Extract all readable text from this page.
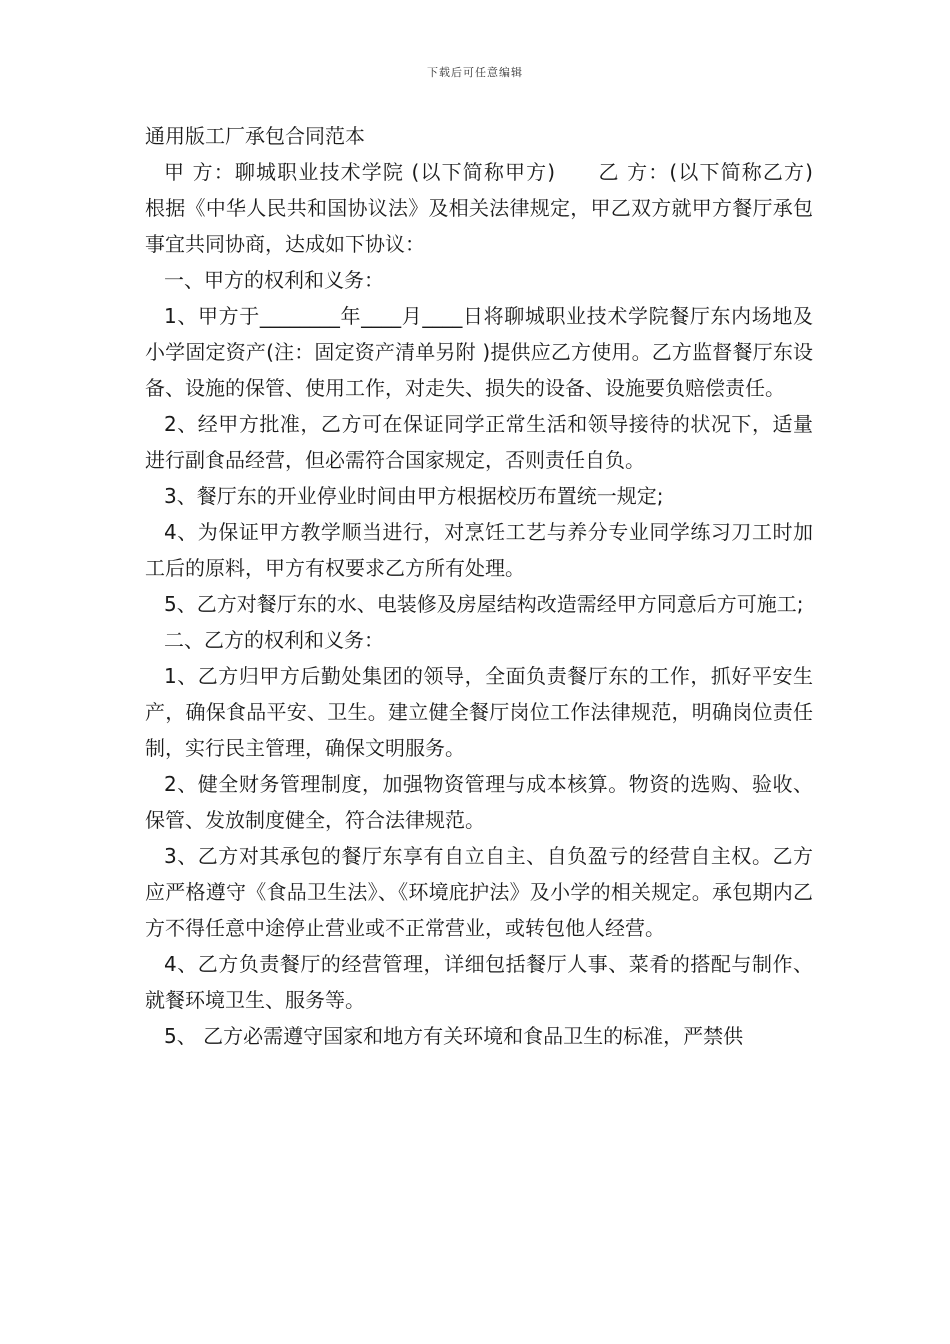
下载后可任意编辑
通用版工厂承包合同范本

甲 方：聊城职业技术学院 (以下简称甲方)　　乙 方：(以下简称乙方)　　根据《中华人民共和国协议法》及相关法律规定，甲乙双方就甲方餐厅承包事宜共同协商，达成如下协议：

一、甲方的权利和义务：

1、甲方于________年____月____日将聊城职业技术学院餐厅东内场地及小学固定资产(注：固定资产清单另附 )提供应乙方使用。乙方监督餐厅东设备、设施的保管、使用工作，对走失、损失的设备、设施要负赔偿责任。

2、经甲方批准，乙方可在保证同学正常生活和领导接待的状况下，适量进行副食品经营，但必需符合国家规定，否则责任自负。

3、餐厅东的开业停业时间由甲方根据校历布置统一规定;

4、为保证甲方教学顺当进行，对烹饪工艺与养分专业同学练习刀工时加工后的原料，甲方有权要求乙方所有处理。

5、乙方对餐厅东的水、电装修及房屋结构改造需经甲方同意后方可施工;

二、乙方的权利和义务：

1、乙方归甲方后勤处集团的领导，全面负责餐厅东的工作，抓好平安生产，确保食品平安、卫生。建立健全餐厅岗位工作法律规范，明确岗位责任制，实行民主管理，确保文明服务。

2、健全财务管理制度，加强物资管理与成本核算。物资的选购、验收、保管、发放制度健全，符合法律规范。

3、乙方对其承包的餐厅东享有自立自主、自负盈亏的经营自主权。乙方应严格遵守《食品卫生法》、《环境庇护法》及小学的相关规定。承包期内乙方不得任意中途停止营业或不正常营业，或转包他人经营。

4、乙方负责餐厅的经营管理，详细包括餐厅人事、菜肴的搭配与制作、就餐环境卫生、服务等。

5、 乙方必需遵守国家和地方有关环境和食品卫生的标准，严禁供
